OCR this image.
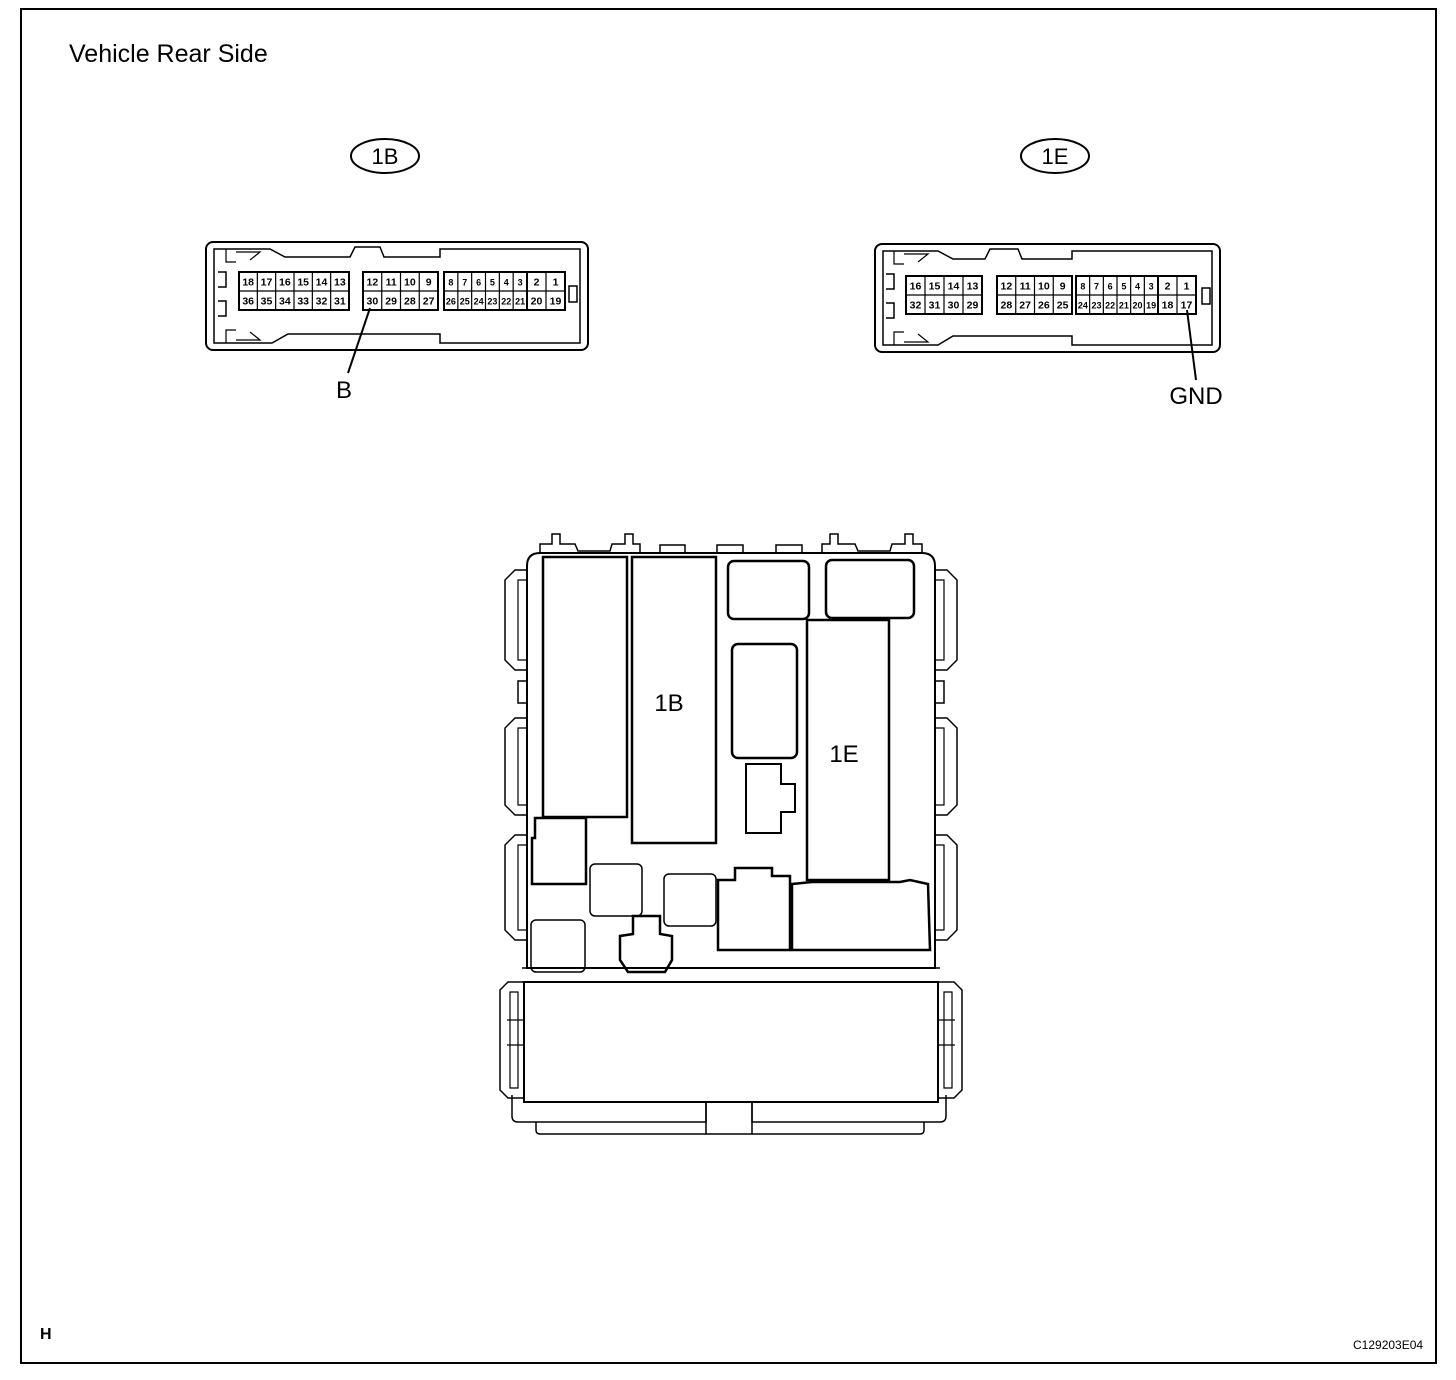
Vehicle Rear Side
H
C129203E04
1B	1E
18 17 16 15 14 13
36 35 34 33 32 31
12 11 10 9
30 29 28 27
8 7 6 5 4 3
26 25 24 23 22 21
2 1
20 19
B
16 15 14 13
32 31 30 29
12 11 10 9
28 27 26 25
8 7 6 5 4 3
24 23 22 21 20 19
2 1
18 17
GND
1B
1E
